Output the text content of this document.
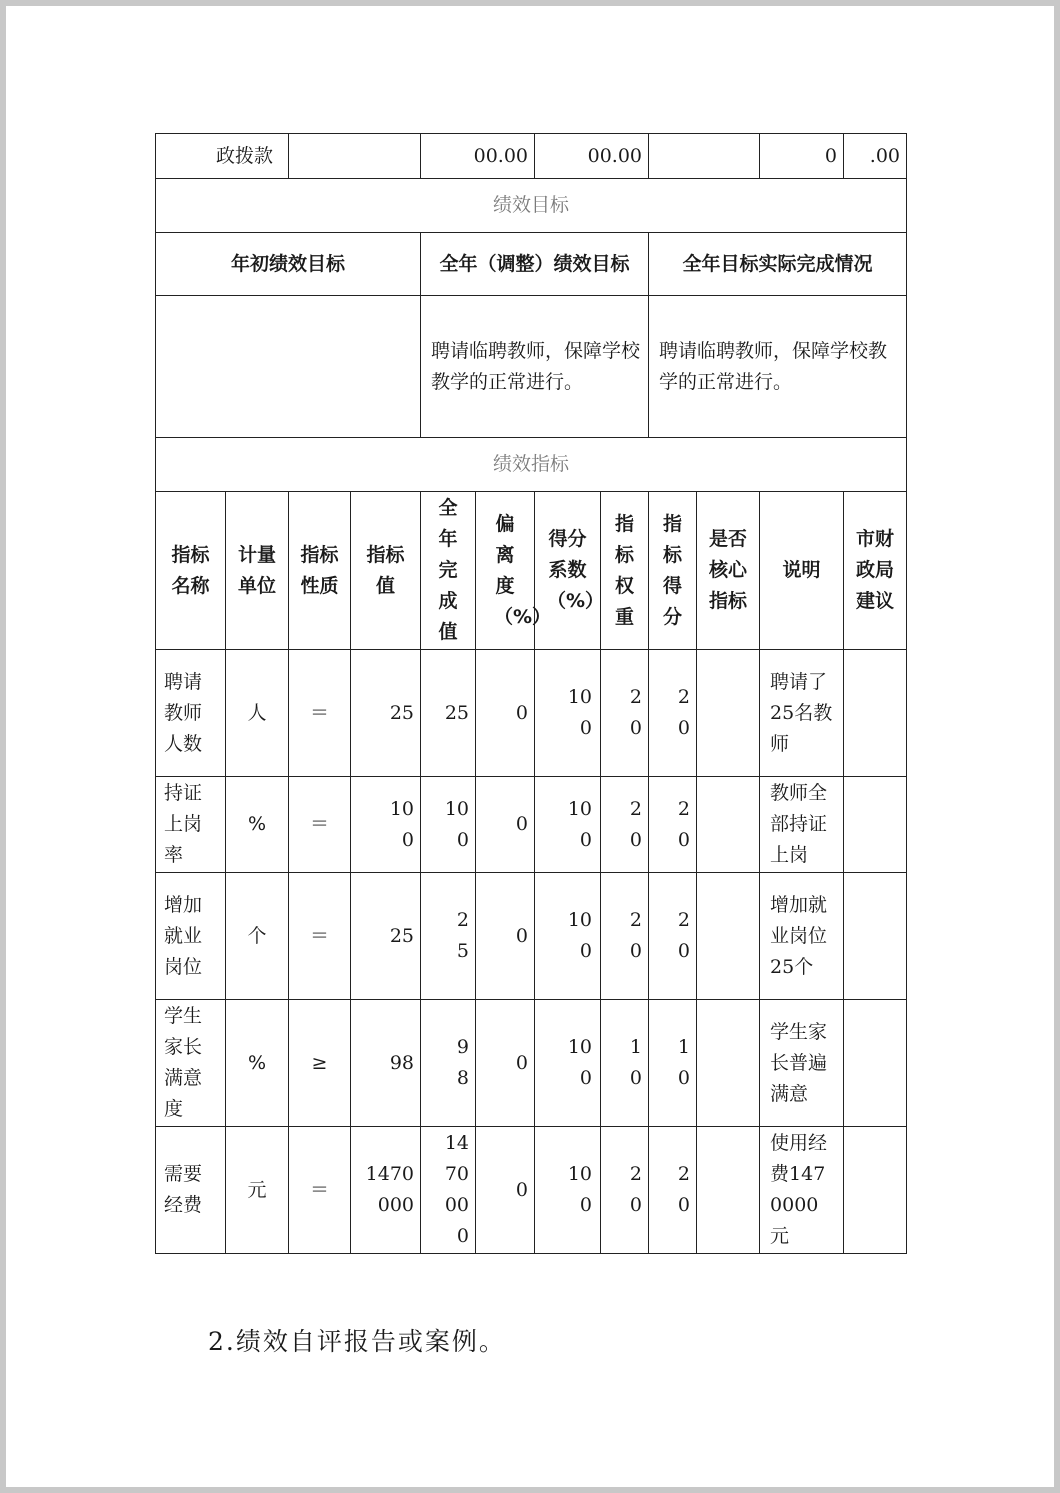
政拨款				00.00		00.00				0	.00
绩效目标											
年初绩效目标				全年（调整）绩效目标				全年目标实际完成情况			
				聘请临聘教师，保障学校教学的正常进行。				聘请临聘教师，保障学校教学的正常进行。			
绩效指标											
指标名称	计量单位	指标性质	指标值	全年完成值	偏离度（%）	得分系数（%）	指标权重	指标得分	是否核心指标	说明	市财政局建议
聘请教师人数	人	＝	25	25	0	100	20	20		聘请了25名教师	
持证上岗率	%	＝	100	100	0	100	20	20		教师全部持证上岗	
增加就业岗位	个	＝	25	25	0	100	20	20		增加就业岗位25个	
学生家长满意度	%	≥	98	98	0	100	10	10		学生家长普遍满意	
需要经费	元	＝	1470000	1470000	0	100	20	20		使用经费1470000元	
2.绩效自评报告或案例。
